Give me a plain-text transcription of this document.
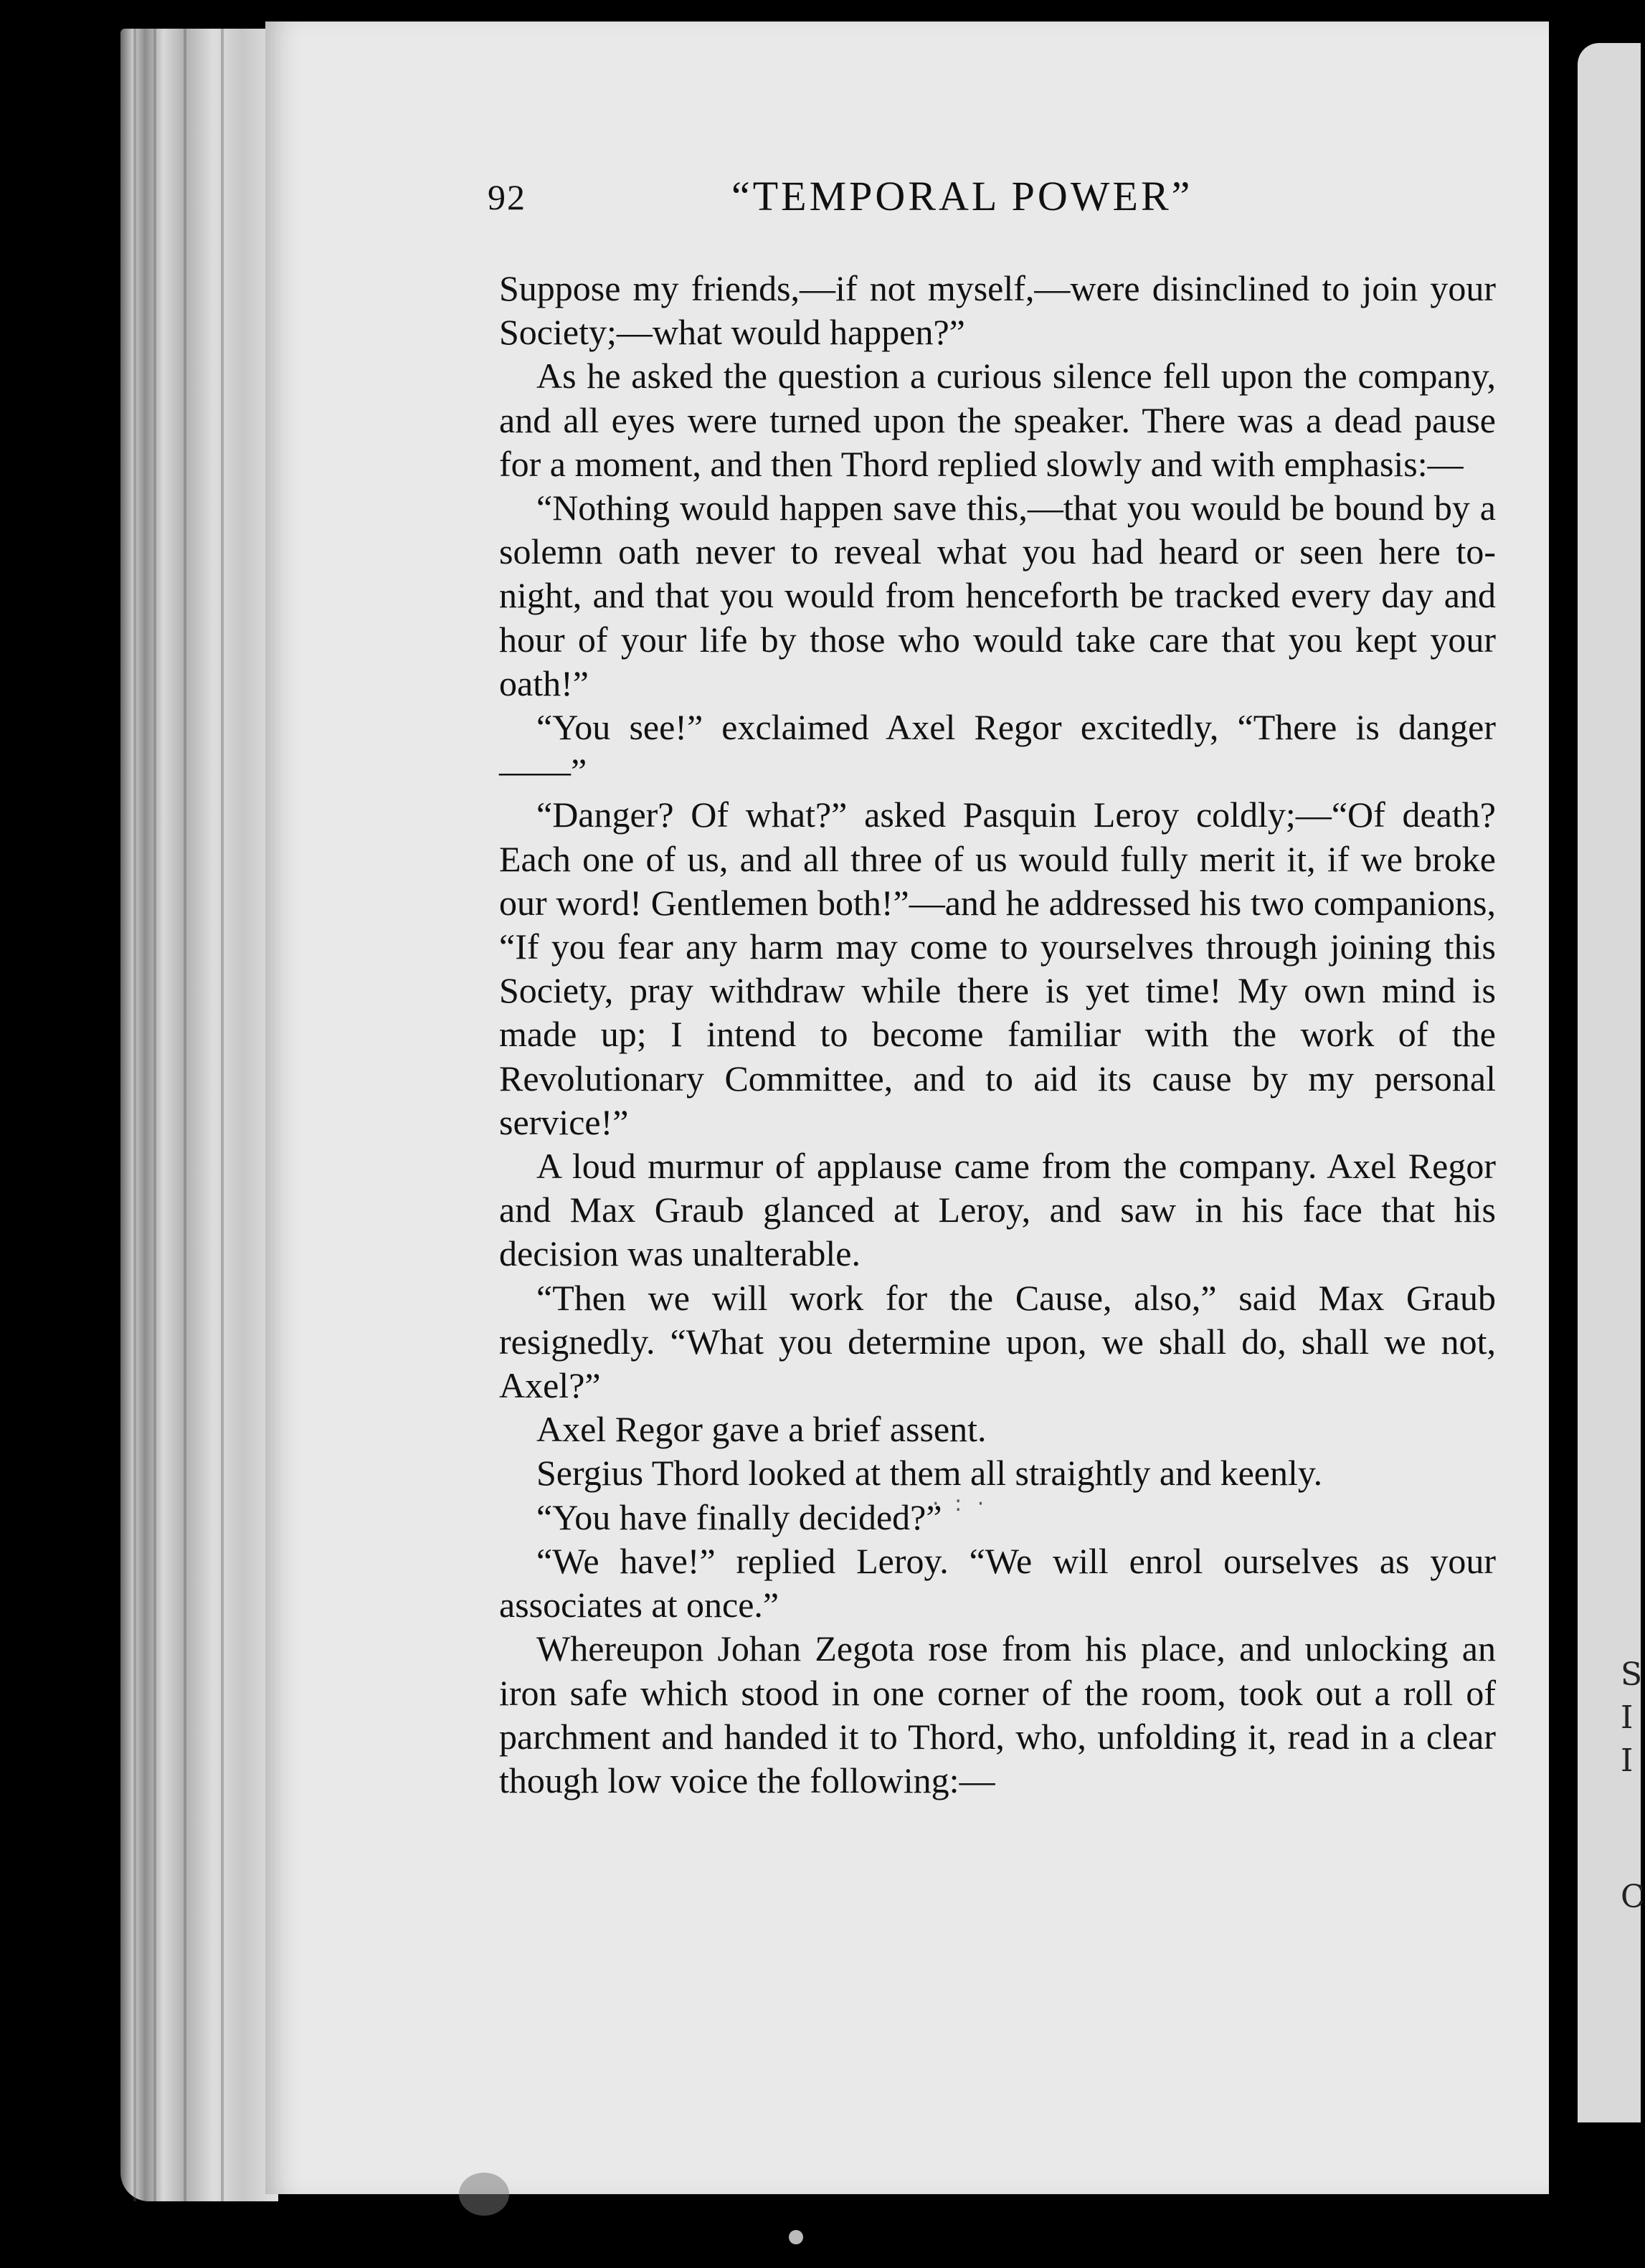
S
I
I
C
92	“TEMPORAL POWER”

Suppose my friends,—if not myself,—were disinclined to join your Society;—what would happen?”

As he asked the question a curious silence fell upon the company, and all eyes were turned upon the speaker. There was a dead pause for a moment, and then Thord replied slowly and with emphasis:—

“Nothing would happen save this,—that you would be bound by a solemn oath never to reveal what you had heard or seen here to-night, and that you would from henceforth be tracked every day and hour of your life by those who would take care that you kept your oath!”

“You see!” exclaimed Axel Regor excitedly, “There is danger——”

“Danger? Of what?” asked Pasquin Leroy coldly;—“Of death? Each one of us, and all three of us would fully merit it, if we broke our word! Gentlemen both!”—and he addressed his two companions, “If you fear any harm may come to yourselves through joining this Society, pray withdraw while there is yet time! My own mind is made up; I intend to become familiar with the work of the Revolutionary Committee, and to aid its cause by my personal service!”

A loud murmur of applause came from the company. Axel Regor and Max Graub glanced at Leroy, and saw in his face that his decision was unalterable.

“Then we will work for the Cause, also,” said Max Graub resignedly. “What you determine upon, we shall do, shall we not, Axel?”

Axel Regor gave a brief assent.

Sergius Thord looked at them all straightly and keenly.

“You have finally decided?”

“We have!” replied Leroy. “We will enrol ourselves as your associates at once.”

Whereupon Johan Zegota rose from his place, and unlocking an iron safe which stood in one corner of the room, took out a roll of parchment and handed it to Thord, who, unfolding it, read in a clear though low voice the following:—

· : ·
